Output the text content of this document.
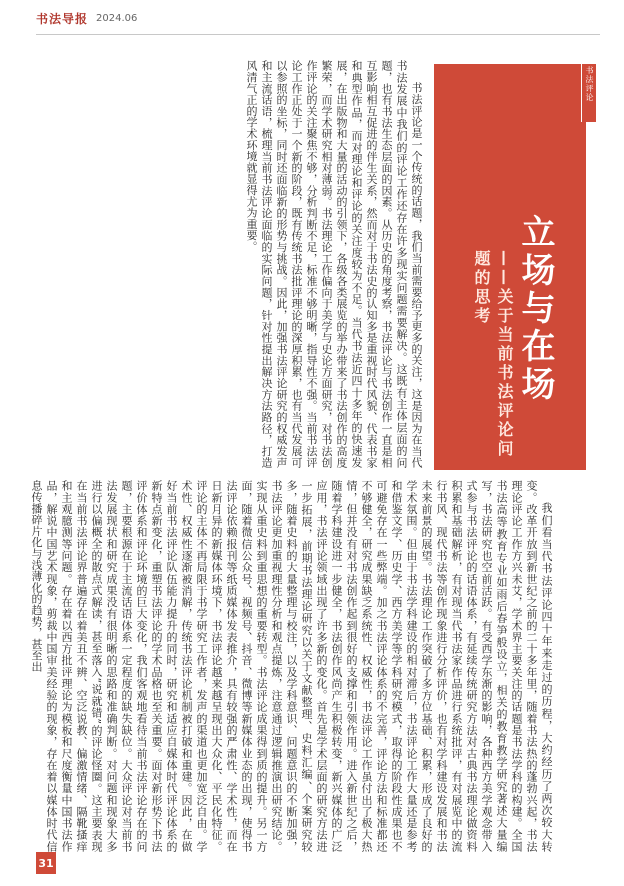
书法导报 2024.06
书法评论
立场与在场
——关于当前书法评论问题的思考
陈 智

书法评论是一个传统的话题，我们当前需要给予更多的关注，这是因为在当代书法发展中我们的评论工作还存在许多现实问题需要解决。这既有主体层面的问题，也有书法生态层面的因素。从历史的角度考察，书法评论与书法创作一直是相互影响相互促进的伴生关系，然而对于书法史的认知多是重视时代风貌、代表书家和典型作品，而对理论和评论的关注度较为不足。当代书法近四十多年的快速发展，在出版物和大量的活动的引领下，各级各类展览的举办带来了书法创作的高度繁荣，而学术研究相对薄弱。书法理论工作偏向于美学与史论方面研究，对书法创作评论的关注聚焦不够，分析判断不足，标准不够明晰，指导性不强。当前书法评论工作正处于一个新的阶段，既有传统书法批评理论的深厚积累，也有当代发展可以参照的坐标，同时还面临新的形势与挑战。因此，加强书法评论研究的权威发声和主流话语，梳理当前书法评论面临的实际问题，针对性提出解决方法路径，打造风清气正的学术环境就显得尤为重要。

我们看当代书法评论四十年来走过的历程，大约经历了两次较大转变。改革开放到新世纪之前的二十多年里，随着书法热的蓬勃兴起，书法理论评论工作方兴未艾，学术界主要关注的话题是书法学科的构建。全国书法高等教育专业如雨后春笋般设立，相关的教育教学研究著述大量编写，书法研究也空前活跃。有受西学东渐的影响，各种西方美学观念带入式参与书法评论的话语体系，有延续传统研究方法对古典书法理论做资料积累和基础解析，有对现当代书法家作品进行系统批评，有对展览中的流行书风、现代书法等创作现象进行分析评价，也有对学科建设发展和书法未来前景的展望。书法理论工作突破了多方位基础、积累，形成了良好的学术氛围。但由于书法学科建设的相对滞后，书法评论工作大量还是参考和借鉴文学、历史学、西方美学等学科研究模式，取得的阶段性成果也不可避免存在一些弊端。加之书法评论体系的不完善，评论方法和标准都还不够健全，研究成果缺乏系统性、权威性，书法评论工作虽付出了极大热情，但并没有对书法创作起到很好的支撑和引领作用。进入新世纪之后，随着学科建设进一步健全，书法创作风尚产生积极转变，新兴媒体的广泛应用，书法评论领域出现了许多新的变化。首先是学术层面的研究方法进一步拓展，前期书法理论研究以关于文献整理、史料汇编、个案研究较多，随着史料的大量整理与校注，以及学科意识、问题意识的不断加强，书法评论更加重视理性分析和观点提炼，注意通过逻辑推演出研究结论。实现从重史料到重思想的重要转型。书法评论成果得到质的提升。另一方面，随着微信公众号、视频号、抖音、微博等新媒体业态的出现，使得书法评论依赖报刊等纸质媒体发表推介，具有较强的严肃性、学术性，而在日新月异的新媒体环境下，书法评论越来越呈现出大众化、平民化特征。评论的主体不再局限于书学研究工作者，发声的渠道也更加宽泛自由。学术性、权威性逐渐被消解，传统书法评论机制被打破和重建。因此，在做好当前书法评论队伍能力提升的同时，研究和适应自媒体时代评论体系的新特点新变化，重塑书法评论的学术品格也至关重要。面对新形势下书法评价体系和评论环境的巨大变化，我们客观地看待当前书法评论存在的问题，主要根源在于主流话语体系一定程度的缺失缺位。大众评论对当前书法发展现状和研究成果没有很明晰的思路和准确判断。对问题和现象大多进行以偏概全的散点式解读，甚至落入“说就错”的评论怪圈。这主要表现在当前书法评论界普遍存在着美丑不辨、空泛说教、偏激情绪、隔靴搔痒和主观臆测等问题。存在着以西方批评理论为模板和尺度衡量中国书法作品，解说中国艺术现象，剪裁中国审美经验的现象，存在着以媒体时代信息传播碎片化与浅薄化的趋势，甚至出

31
